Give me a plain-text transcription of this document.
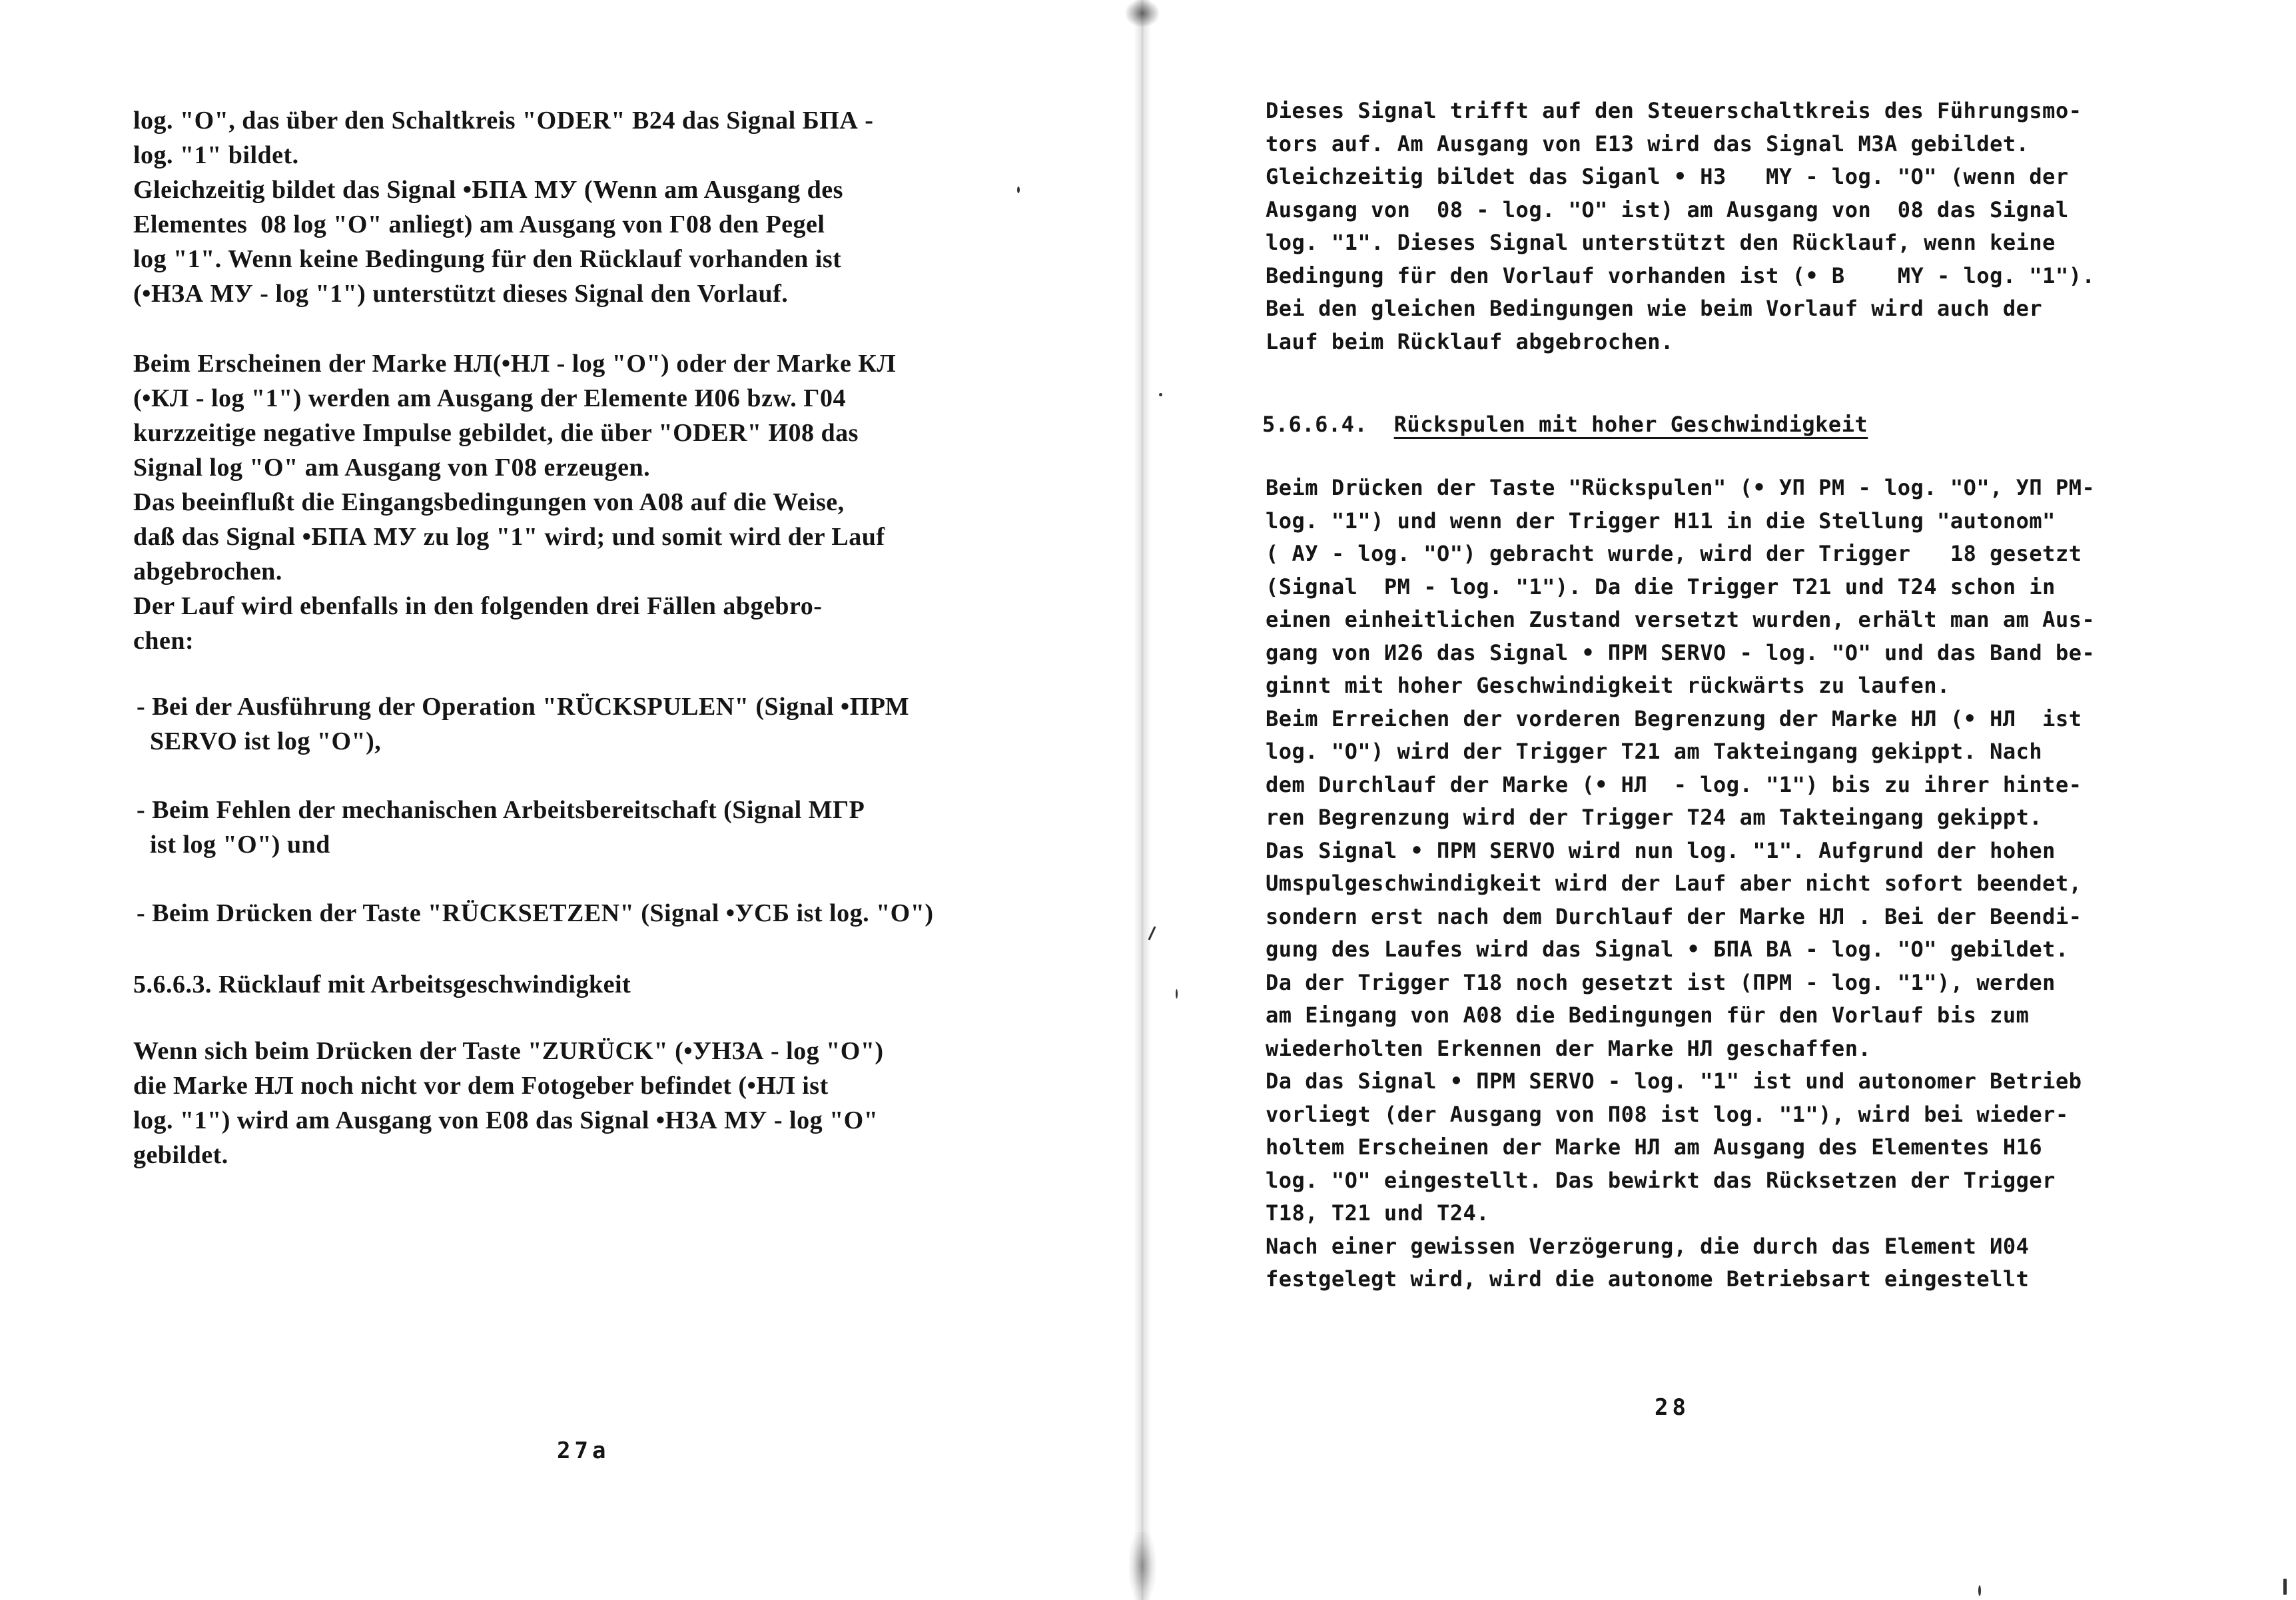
log. "O", das über den Schaltkreis "ODER" B24 das Signal БПА -
log. "1" bildet.
Gleichzeitig bildet das Signal •БПА МУ (Wenn am Ausgang des
Elementes  08 log "O" anliegt) am Ausgang von Г08 den Pegel
log "1". Wenn keine Bedingung für den Rücklauf vorhanden ist
(•НЗА МУ - log "1") unterstützt dieses Signal den Vorlauf.

Beim Erscheinen der Marke НЛ(•НЛ - log "O") oder der Marke КЛ
(•КЛ - log "1") werden am Ausgang der Elemente И06 bzw. Г04
kurzzeitige negative Impulse gebildet, die über "ODER" И08 das
Signal log "O" am Ausgang von Г08 erzeugen.
Das beeinflußt die Eingangsbedingungen von A08 auf die Weise,
daß das Signal •БПА МУ zu log "1" wird; und somit wird der Lauf
abgebrochen.
Der Lauf wird ebenfalls in den folgenden drei Fällen abgebro-
chen:

- Bei der Ausführung der Operation "RÜCKSPULEN" (Signal •ПРМ
SERVO ist log "O"),

- Beim Fehlen der mechanischen Arbeitsbereitschaft (Signal МГР
ist log "O") und

- Beim Drücken der Taste "RÜCKSETZEN" (Signal •УСБ ist log. "O")

5.6.6.3. Rücklauf mit Arbeitsgeschwindigkeit

Wenn sich beim Drücken der Taste "ZURÜCK" (•УНЗА - log "O")
die Marke НЛ noch nicht vor dem Fotogeber befindet (•НЛ ist
log. "1") wird am Ausgang von E08 das Signal •НЗА МУ - log "O"
gebildet.

27a

Dieses Signal trifft auf den Steuerschaltkreis des Führungsmo-
tors auf. Am Ausgang von E13 wird das Signal M3A gebildet.
Gleichzeitig bildet das Siganl • H3   MY - log. "O" (wenn der
Ausgang von  08 - log. "O" ist) am Ausgang von  08 das Signal
log. "1". Dieses Signal unterstützt den Rücklauf, wenn keine
Bedingung für den Vorlauf vorhanden ist (• B    MY - log. "1").
Bei den gleichen Bedingungen wie beim Vorlauf wird auch der
Lauf beim Rücklauf abgebrochen.

5.6.6.4. Rückspulen mit hoher Geschwindigkeit

Beim Drücken der Taste "Rückspulen" (• УП РМ - log. "O", УП РМ-
log. "1") und wenn der Trigger H11 in die Stellung "autonom"
( АУ - log. "O") gebracht wurde, wird der Trigger   18 gesetzt
(Signal  PM - log. "1"). Da die Trigger Т21 und Т24 schon in
einen einheitlichen Zustand versetzt wurden, erhält man am Aus-
gang von И26 das Signal • ПРМ SERVO - log. "O" und das Band be-
ginnt mit hoher Geschwindigkeit rückwärts zu laufen.
Beim Erreichen der vorderen Begrenzung der Marke НЛ (• НЛ  ist
log. "O") wird der Trigger Т21 am Takteingang gekippt. Nach
dem Durchlauf der Marke (• НЛ  - log. "1") bis zu ihrer hinte-
ren Begrenzung wird der Trigger Т24 am Takteingang gekippt.
Das Signal • ПРМ SERVO wird nun log. "1". Aufgrund der hohen
Umspulgeschwindigkeit wird der Lauf aber nicht sofort beendet,
sondern erst nach dem Durchlauf der Marke НЛ . Bei der Beendi-
gung des Laufes wird das Signal • БПА ВА - log. "O" gebildet.
Da der Trigger Т18 noch gesetzt ist (ПРМ - log. "1"), werden
am Eingang von A08 die Bedingungen für den Vorlauf bis zum
wiederholten Erkennen der Marke НЛ geschaffen.
Da das Signal • ПРМ SERVO - log. "1" ist und autonomer Betrieb
vorliegt (der Ausgang von П08 ist log. "1"), wird bei wieder-
holtem Erscheinen der Marke НЛ am Ausgang des Elementes H16
log. "O" eingestellt. Das bewirkt das Rücksetzen der Trigger
Т18, Т21 und Т24.
Nach einer gewissen Verzögerung, die durch das Element И04
festgelegt wird, wird die autonome Betriebsart eingestellt

28
